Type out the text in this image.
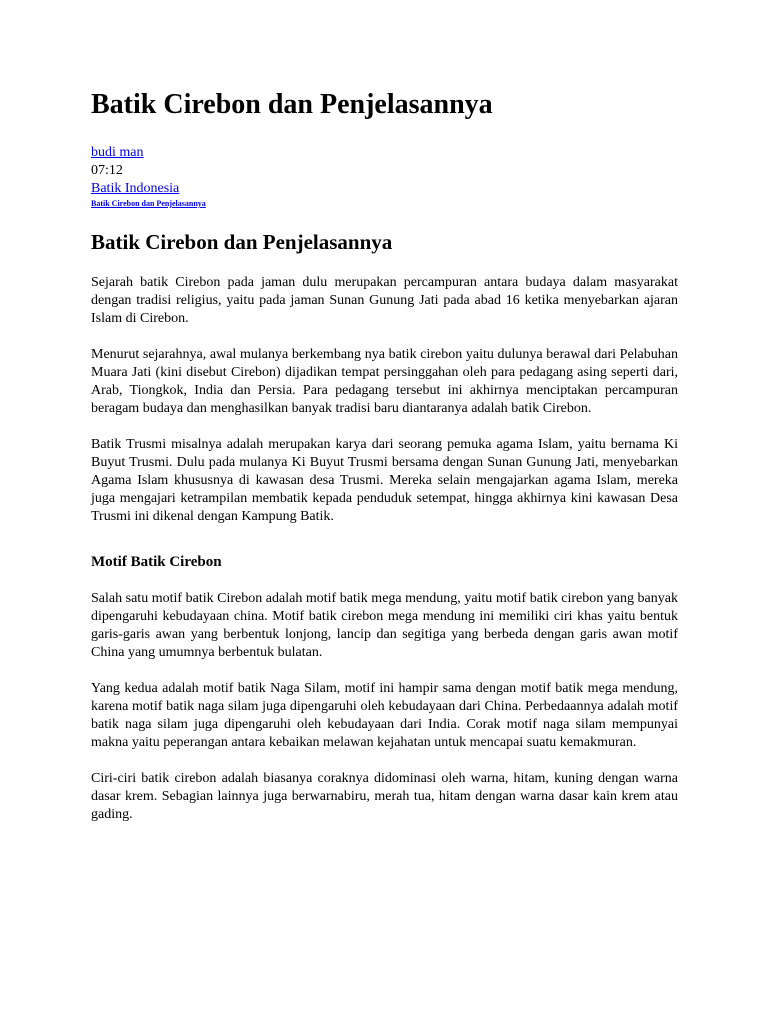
Batik Cirebon dan Penjelasannya
budi man
07:12
Batik Indonesia
Batik Cirebon dan Penjelasannya
Batik Cirebon dan Penjelasannya

Sejarah batik Cirebon pada jaman dulu merupakan percampuran antara budaya dalam masyarakat dengan tradisi religius, yaitu pada jaman Sunan Gunung Jati pada abad 16 ketika menyebarkan ajaran Islam di Cirebon.

Menurut sejarahnya, awal mulanya berkembang nya batik cirebon yaitu dulunya berawal dari Pelabuhan Muara Jati (kini disebut Cirebon) dijadikan tempat persinggahan oleh para pedagang asing seperti dari, Arab, Tiongkok, India dan Persia. Para pedagang tersebut ini akhirnya menciptakan percampuran beragam budaya dan menghasilkan banyak tradisi baru diantaranya adalah batik Cirebon.

Batik Trusmi misalnya adalah merupakan karya dari seorang pemuka agama Islam, yaitu bernama Ki Buyut Trusmi. Dulu pada mulanya Ki Buyut Trusmi bersama dengan Sunan Gunung Jati, menyebarkan Agama Islam khususnya di kawasan desa Trusmi. Mereka selain mengajarkan agama Islam, mereka juga mengajari ketrampilan membatik kepada penduduk setempat, hingga akhirnya kini kawasan Desa Trusmi ini dikenal dengan Kampung Batik.

Motif Batik Cirebon

Salah satu motif batik Cirebon adalah motif batik mega mendung, yaitu motif batik cirebon yang banyak dipengaruhi kebudayaan china. Motif batik cirebon mega mendung ini memiliki ciri khas yaitu bentuk garis-garis awan yang berbentuk lonjong, lancip dan segitiga yang berbeda dengan garis awan motif China yang umumnya berbentuk bulatan.

Yang kedua adalah motif batik Naga Silam, motif ini hampir sama dengan motif batik mega mendung, karena motif batik naga silam juga dipengaruhi oleh kebudayaan dari China. Perbedaannya adalah motif batik naga silam juga dipengaruhi oleh kebudayaan dari India. Corak motif naga silam mempunyai makna yaitu peperangan antara kebaikan melawan kejahatan untuk mencapai suatu kemakmuran.

Ciri-ciri batik cirebon adalah biasanya coraknya didominasi oleh warna, hitam, kuning dengan warna dasar krem. Sebagian lainnya juga berwarnabiru, merah tua, hitam dengan warna dasar kain krem atau gading.
